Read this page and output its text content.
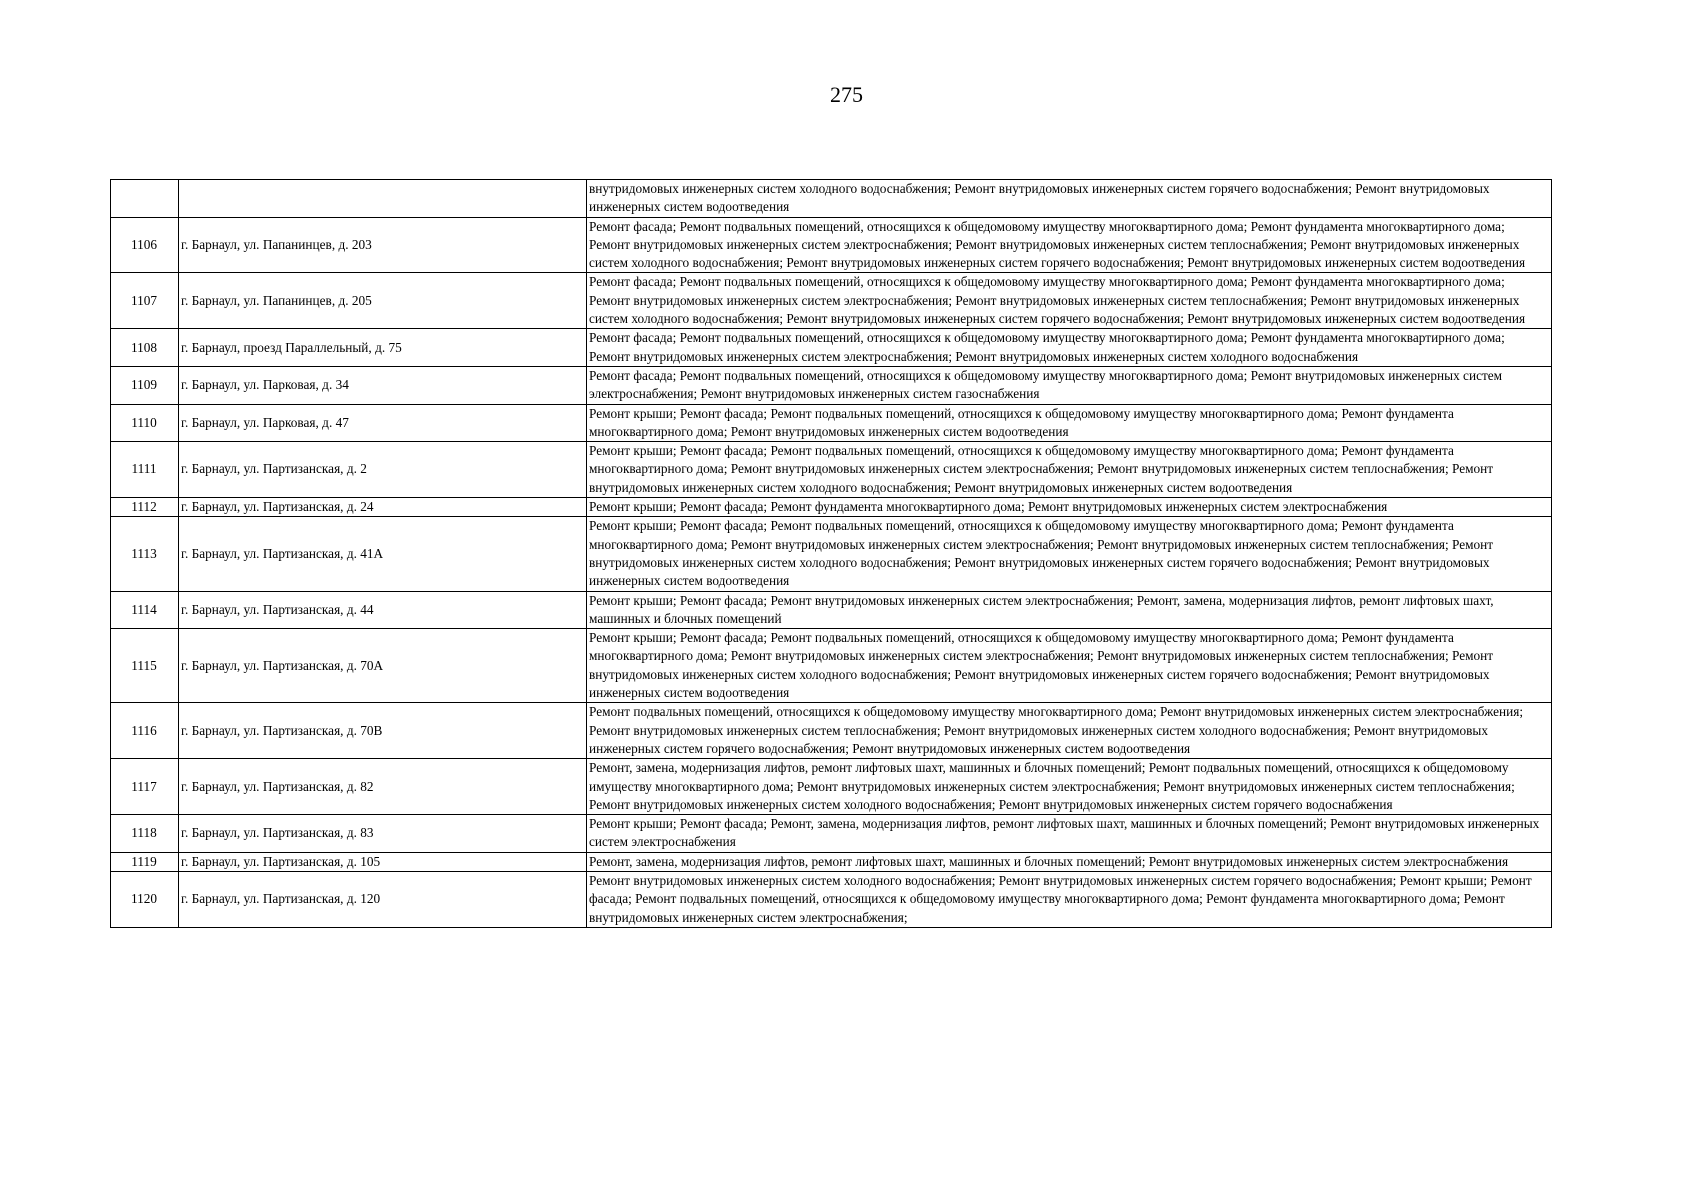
275
		внутридомовых инженерных систем холодного водоснабжения; Ремонт внутридомовых инженерных систем горячего водоснабжения; Ремонт внутридомовых инженерных систем водоотведения
1106	г. Барнаул, ул. Папанинцев, д. 203	Ремонт фасада; Ремонт подвальных помещений, относящихся к общедомовому имуществу многоквартирного дома; Ремонт фундамента многоквартирного дома; Ремонт внутридомовых инженерных систем электроснабжения; Ремонт внутридомовых инженерных систем теплоснабжения; Ремонт внутридомовых инженерных систем холодного водоснабжения; Ремонт внутридомовых инженерных систем горячего водоснабжения; Ремонт внутридомовых инженерных систем водоотведения
1107	г. Барнаул, ул. Папанинцев, д. 205	Ремонт фасада; Ремонт подвальных помещений, относящихся к общедомовому имуществу многоквартирного дома; Ремонт фундамента многоквартирного дома; Ремонт внутридомовых инженерных систем электроснабжения; Ремонт внутридомовых инженерных систем теплоснабжения; Ремонт внутридомовых инженерных систем холодного водоснабжения; Ремонт внутридомовых инженерных систем горячего водоснабжения; Ремонт внутридомовых инженерных систем водоотведения
1108	г. Барнаул, проезд Параллельный, д. 75	Ремонт фасада; Ремонт подвальных помещений, относящихся к общедомовому имуществу многоквартирного дома; Ремонт фундамента многоквартирного дома; Ремонт внутридомовых инженерных систем электроснабжения; Ремонт внутридомовых инженерных систем холодного водоснабжения
1109	г. Барнаул, ул. Парковая, д. 34	Ремонт фасада; Ремонт подвальных помещений, относящихся к общедомовому имуществу многоквартирного дома; Ремонт внутридомовых инженерных систем электроснабжения; Ремонт внутридомовых инженерных систем газоснабжения
1110	г. Барнаул, ул. Парковая, д. 47	Ремонт крыши; Ремонт фасада; Ремонт подвальных помещений, относящихся к общедомовому имуществу многоквартирного дома; Ремонт фундамента многоквартирного дома; Ремонт внутридомовых инженерных систем водоотведения
1111	г. Барнаул, ул. Партизанская, д. 2	Ремонт крыши; Ремонт фасада; Ремонт подвальных помещений, относящихся к общедомовому имуществу многоквартирного дома; Ремонт фундамента многоквартирного дома; Ремонт внутридомовых инженерных систем электроснабжения; Ремонт внутридомовых инженерных систем теплоснабжения; Ремонт внутридомовых инженерных систем холодного водоснабжения; Ремонт внутридомовых инженерных систем водоотведения
1112	г. Барнаул, ул. Партизанская, д. 24	Ремонт крыши; Ремонт фасада; Ремонт фундамента многоквартирного дома; Ремонт внутридомовых инженерных систем электроснабжения
1113	г. Барнаул, ул. Партизанская, д. 41А	Ремонт крыши; Ремонт фасада; Ремонт подвальных помещений, относящихся к общедомовому имуществу многоквартирного дома; Ремонт фундамента многоквартирного дома; Ремонт внутридомовых инженерных систем электроснабжения; Ремонт внутридомовых инженерных систем теплоснабжения; Ремонт внутридомовых инженерных систем холодного водоснабжения; Ремонт внутридомовых инженерных систем горячего водоснабжения; Ремонт внутридомовых инженерных систем водоотведения
1114	г. Барнаул, ул. Партизанская, д. 44	Ремонт крыши; Ремонт фасада; Ремонт внутридомовых инженерных систем электроснабжения; Ремонт, замена, модернизация лифтов, ремонт лифтовых шахт, машинных и блочных помещений
1115	г. Барнаул, ул. Партизанская, д. 70А	Ремонт крыши; Ремонт фасада; Ремонт подвальных помещений, относящихся к общедомовому имуществу многоквартирного дома; Ремонт фундамента многоквартирного дома; Ремонт внутридомовых инженерных систем электроснабжения; Ремонт внутридомовых инженерных систем теплоснабжения; Ремонт внутридомовых инженерных систем холодного водоснабжения; Ремонт внутридомовых инженерных систем горячего водоснабжения; Ремонт внутридомовых инженерных систем водоотведения
1116	г. Барнаул, ул. Партизанская, д. 70В	Ремонт подвальных помещений, относящихся к общедомовому имуществу многоквартирного дома; Ремонт внутридомовых инженерных систем электроснабжения; Ремонт внутридомовых инженерных систем теплоснабжения; Ремонт внутридомовых инженерных систем холодного водоснабжения; Ремонт внутридомовых инженерных систем горячего водоснабжения; Ремонт внутридомовых инженерных систем водоотведения
1117	г. Барнаул, ул. Партизанская, д. 82	Ремонт, замена, модернизация лифтов, ремонт лифтовых шахт, машинных и блочных помещений; Ремонт подвальных помещений, относящихся к общедомовому имуществу многоквартирного дома; Ремонт внутридомовых инженерных систем электроснабжения; Ремонт внутридомовых инженерных систем теплоснабжения; Ремонт внутридомовых инженерных систем холодного водоснабжения; Ремонт внутридомовых инженерных систем горячего водоснабжения
1118	г. Барнаул, ул. Партизанская, д. 83	Ремонт крыши; Ремонт фасада; Ремонт, замена, модернизация лифтов, ремонт лифтовых шахт, машинных и блочных помещений; Ремонт внутридомовых инженерных систем электроснабжения
1119	г. Барнаул, ул. Партизанская, д. 105	Ремонт, замена, модернизация лифтов, ремонт лифтовых шахт, машинных и блочных помещений; Ремонт внутридомовых инженерных систем электроснабжения
1120	г. Барнаул, ул. Партизанская, д. 120	Ремонт внутридомовых инженерных систем холодного водоснабжения; Ремонт внутридомовых инженерных систем горячего водоснабжения; Ремонт крыши; Ремонт фасада; Ремонт подвальных помещений, относящихся к общедомовому имуществу многоквартирного дома; Ремонт фундамента многоквартирного дома; Ремонт внутридомовых инженерных систем электроснабжения;
